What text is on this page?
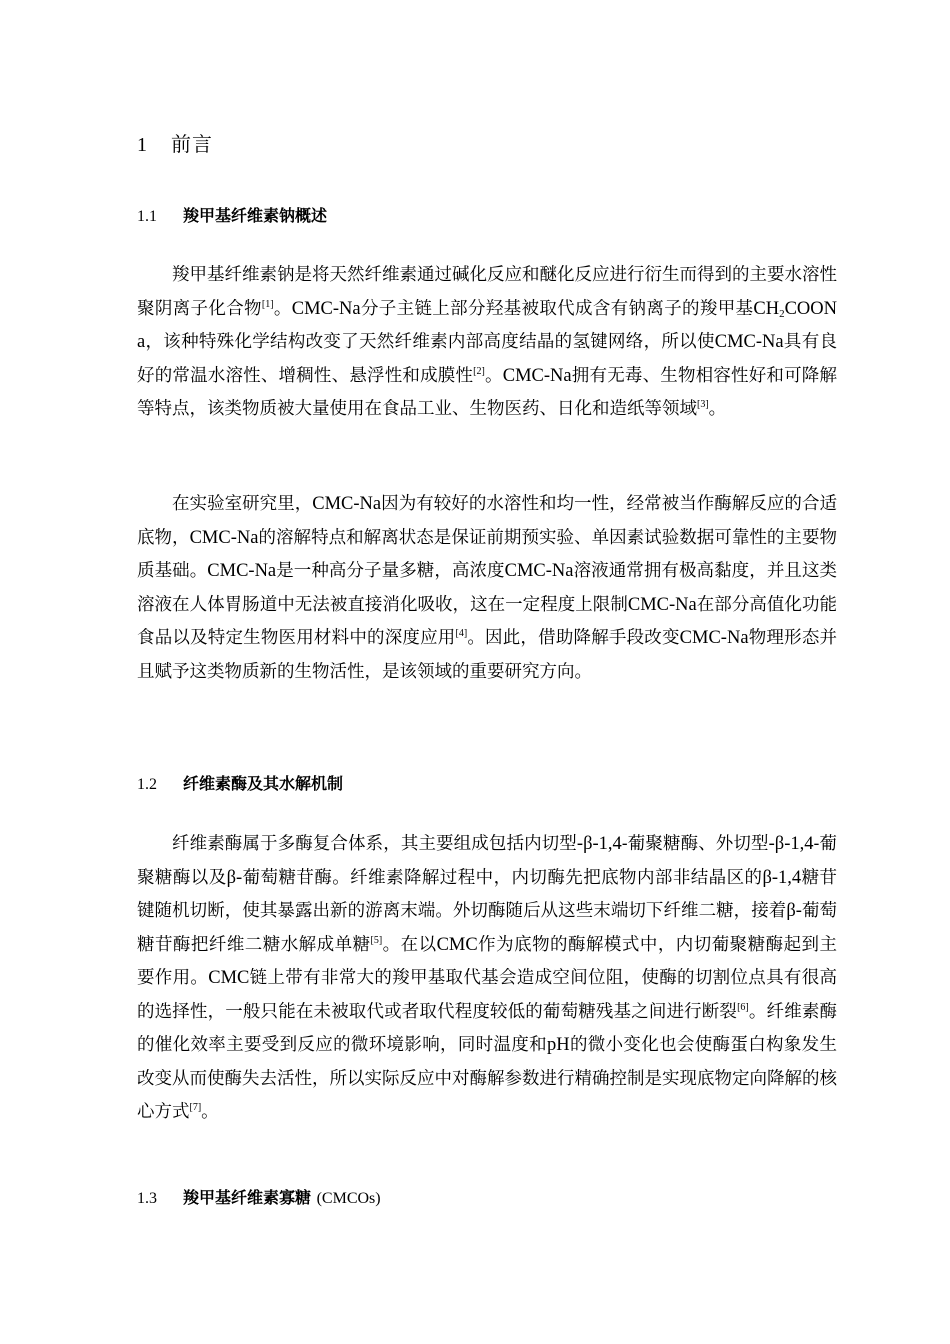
1 前言
1.1 羧甲基纤维素钠概述

羧甲基纤维素钠是将天然纤维素通过碱化反应和醚化反应进行衍生而得到的主要水溶性聚阴离子化合物[1]。CMC-Na分子主链上部分羟基被取代成含有钠离子的羧甲基$CH_2COONa$，该种特殊化学结构改变了天然纤维素内部高度结晶的氢键网络，所以使CMC-Na具有良好的常温水溶性、增稠性、悬浮性和成膜性[2]。CMC-Na拥有无毒、生物相容性好和可降解等特点，该类物质被大量使用在食品工业、生物医药、日化和造纸等领域[3]。

在实验室研究里，CMC-Na因为有较好的水溶性和均一性，经常被当作酶解反应的合适底物，CMC-Na的溶解特点和解离状态是保证前期预实验、单因素试验数据可靠性的主要物质基础。CMC-Na是一种高分子量多糖，高浓度CMC-Na溶液通常拥有极高黏度，并且这类溶液在人体胃肠道中无法被直接消化吸收，这在一定程度上限制CMC-Na在部分高值化功能食品以及特定生物医用材料中的深度应用[4]。因此，借助降解手段改变CMC-Na物理形态并且赋予这类物质新的生物活性，是该领域的重要研究方向。

1.2 纤维素酶及其水解机制

纤维素酶属于多酶复合体系，其主要组成包括内切型-β-1,4-葡聚糖酶、外切型-β-1,4-葡聚糖酶以及β-葡萄糖苷酶。纤维素降解过程中，内切酶先把底物内部非结晶区的β-1,4糖苷键随机切断，使其暴露出新的游离末端。外切酶随后从这些末端切下纤维二糖，接着β-葡萄糖苷酶把纤维二糖水解成单糖[5]。在以CMC作为底物的酶解模式中，内切葡聚糖酶起到主要作用。CMC链上带有非常大的羧甲基取代基会造成空间位阻，使酶的切割位点具有很高的选择性，一般只能在未被取代或者取代程度较低的葡萄糖残基之间进行断裂[6]。纤维素酶的催化效率主要受到反应的微环境影响，同时温度和pH的微小变化也会使酶蛋白构象发生改变从而使酶失去活性，所以实际反应中对酶解参数进行精确控制是实现底物定向降解的核心方式[7]。

1.3 羧甲基纤维素寡糖 (CMCOs)
